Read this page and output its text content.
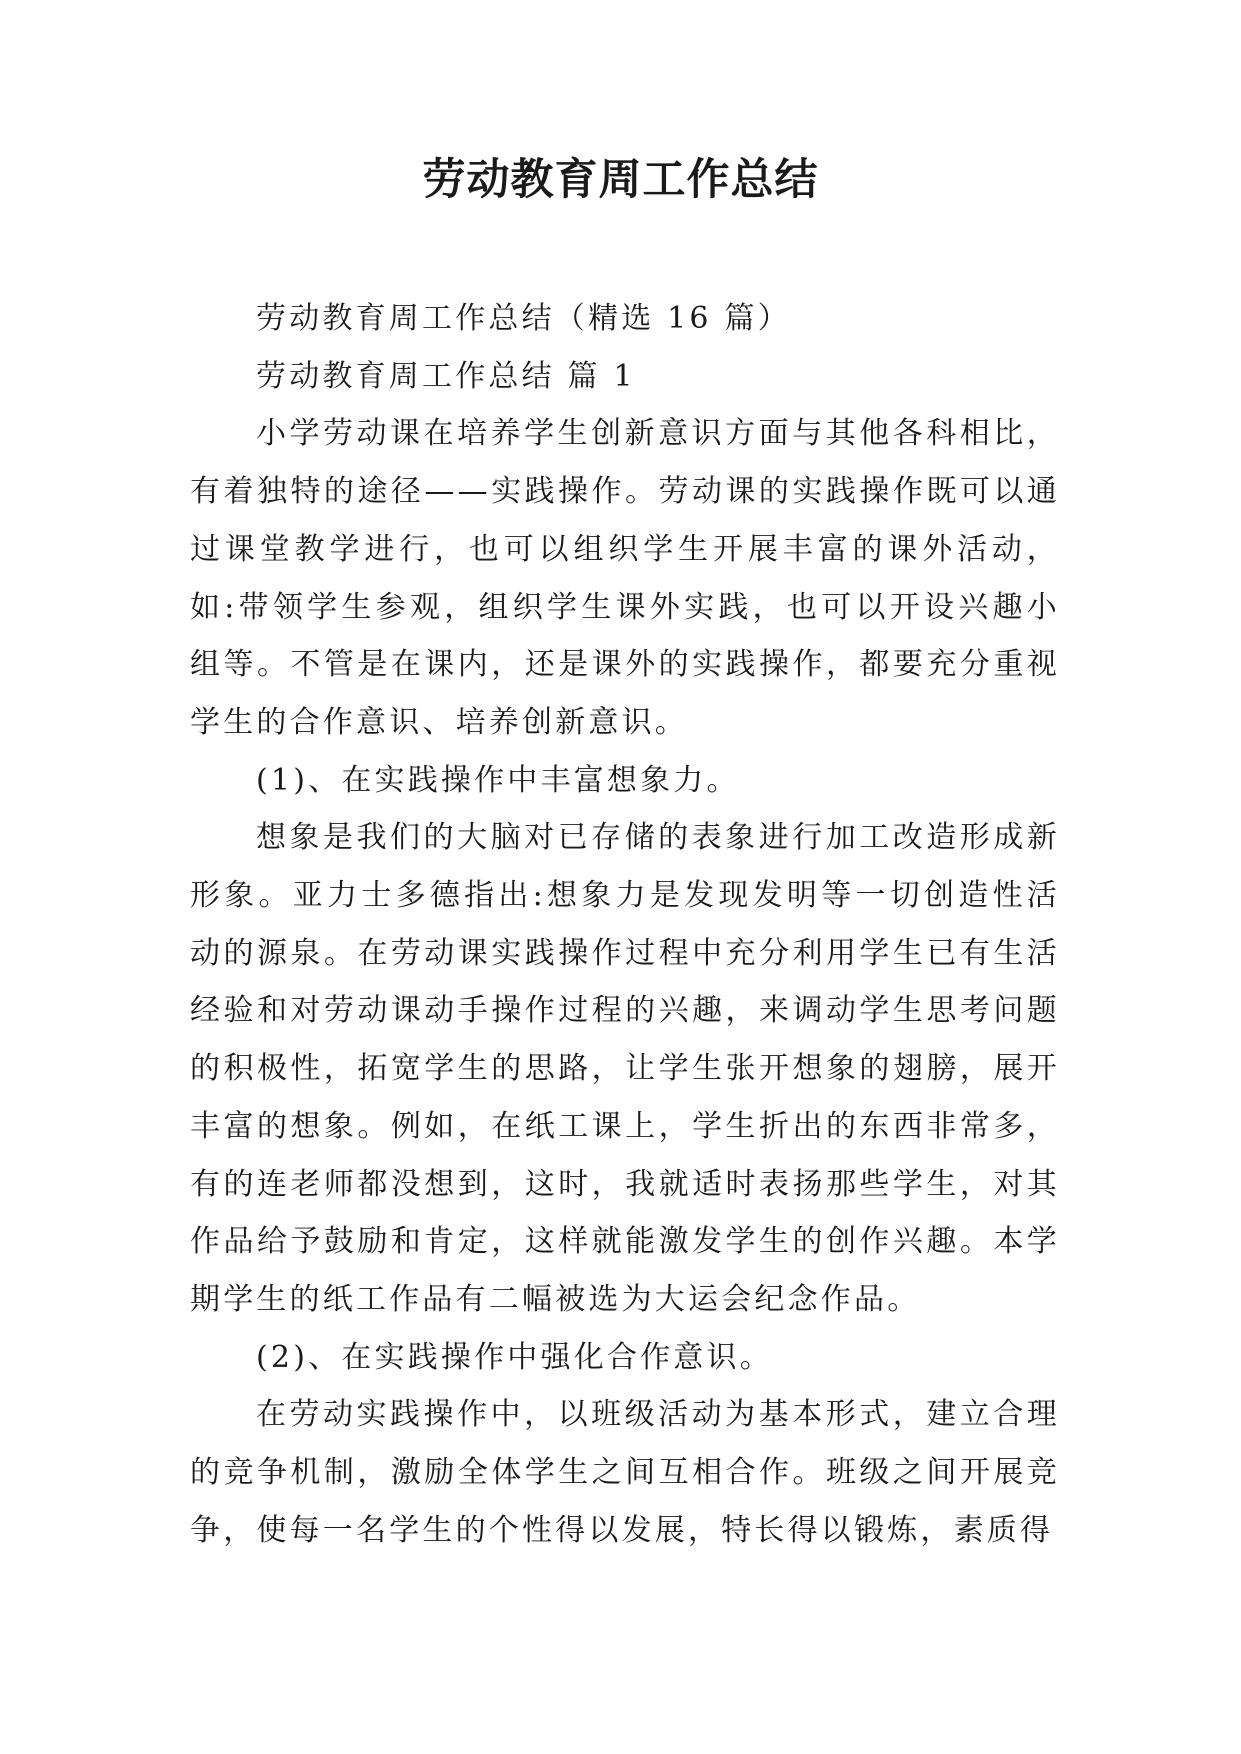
劳动教育周工作总结

劳动教育周工作总结（精选 16 篇）

劳动教育周工作总结 篇 1

小学劳动课在培养学生创新意识方面与其他各科相比，有着独特的途径——实践操作。劳动课的实践操作既可以通过课堂教学进行，也可以组织学生开展丰富的课外活动，如:带领学生参观，组织学生课外实践，也可以开设兴趣小组等。不管是在课内，还是课外的实践操作，都要充分重视学生的合作意识、培养创新意识。

(1)、在实践操作中丰富想象力。

想象是我们的大脑对已存储的表象进行加工改造形成新形象。亚力士多德指出:想象力是发现发明等一切创造性活动的源泉。在劳动课实践操作过程中充分利用学生已有生活经验和对劳动课动手操作过程的兴趣，来调动学生思考问题的积极性，拓宽学生的思路，让学生张开想象的翅膀，展开丰富的想象。例如，在纸工课上，学生折出的东西非常多，有的连老师都没想到，这时，我就适时表扬那些学生，对其作品给予鼓励和肯定，这样就能激发学生的创作兴趣。本学期学生的纸工作品有二幅被选为大运会纪念作品。

(2)、在实践操作中强化合作意识。

在劳动实践操作中，以班级活动为基本形式，建立合理的竞争机制，激励全体学生之间互相合作。班级之间开展竞争，使每一名学生的个性得以发展，特长得以锻炼，素质得
